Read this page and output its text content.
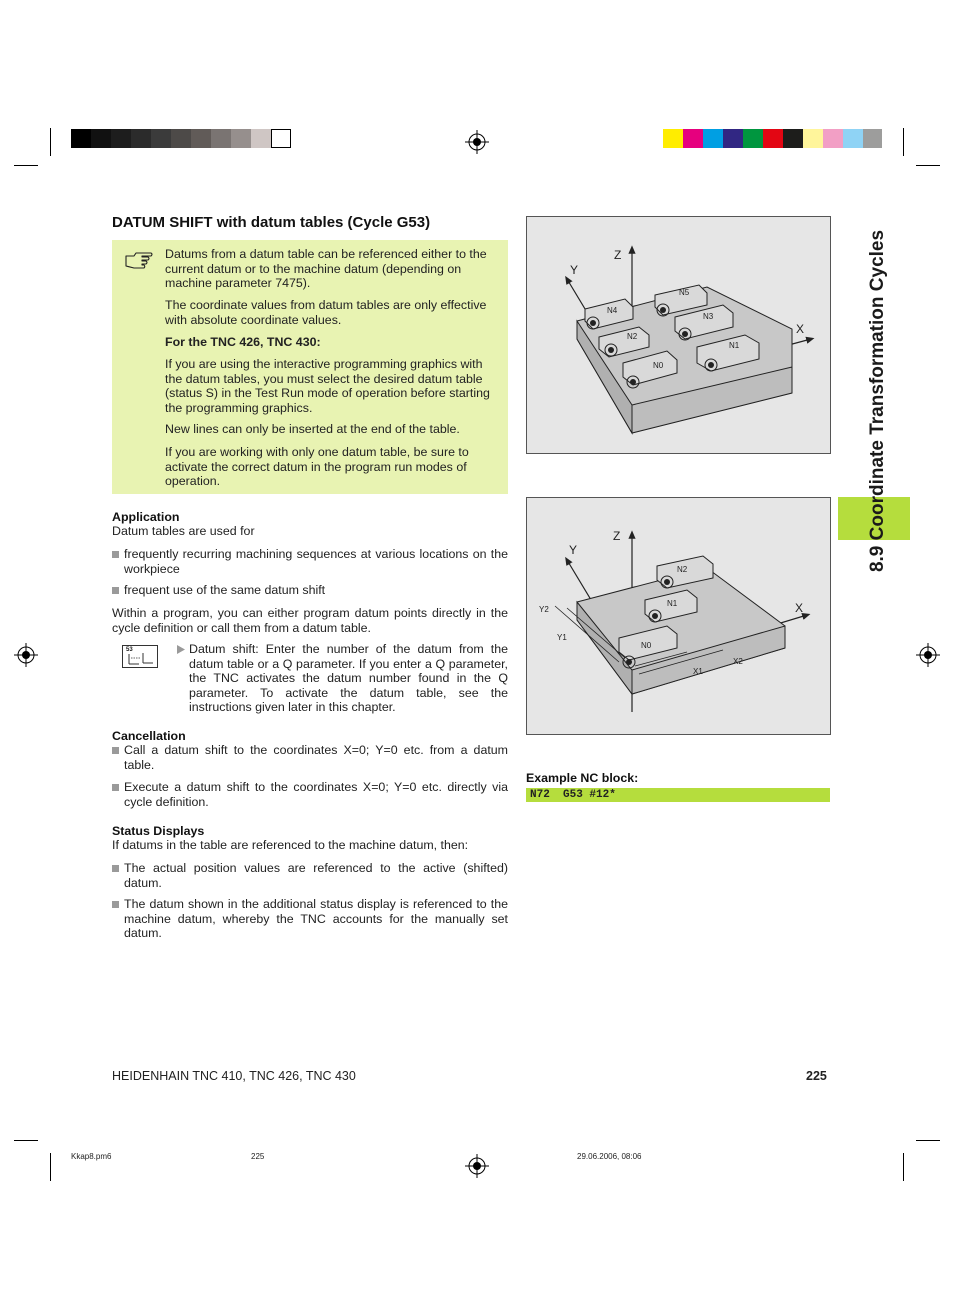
DATUM SHIFT with datum tables (Cycle G53)
Datums from a datum table can be referenced either to the current datum or to the machine datum (depending on machine parameter 7475).
The coordinate values from datum tables are only effective with absolute coordinate values.
For the TNC 426, TNC 430:
If you are using the interactive programming graphics with the datum tables, you must select the desired datum table (status S) in the Test Run mode of operation before starting the programming graphics.
New lines can only be inserted at the end of the table.
If you are working with only one datum table, be sure to activate the correct datum in the program run modes of operation.
Application
Datum tables are used for
frequently recurring machining sequences at various locations on the workpiece
frequent use of the same datum shift
Within a program, you can either program datum points directly in the cycle definition or call them from a datum table.
53	Datum shift: Enter the number of the datum from the datum table or a Q parameter. If you enter a Q parameter, the TNC activates the datum number found in the Q parameter. To activate the datum table, see the instructions given later in this chapter.
Cancellation
Call a datum shift to the coordinates X=0; Y=0 etc. from a datum table.
Execute a datum shift to the coordinates X=0; Y=0 etc. directly via cycle definition.
Status Displays
If datums in the table are referenced to the machine datum, then:
The actual position values are referenced to the active (shifted) datum.
The datum shown in the additional status display is referenced to the machine datum, whereby the TNC accounts for the manually set datum.
Z
Y
X
N4
N5
N2
N3
N0
N1
Z
Y
X
N2
N1
N0
Y2
Y1
X1
X2
Example NC block:
N72  G53 #12*
8.9 Coordinate Transformation Cycles
HEIDENHAIN TNC 410, TNC 426, TNC 430	225
Kkap8.pm6	225	29.06.2006, 08:06
